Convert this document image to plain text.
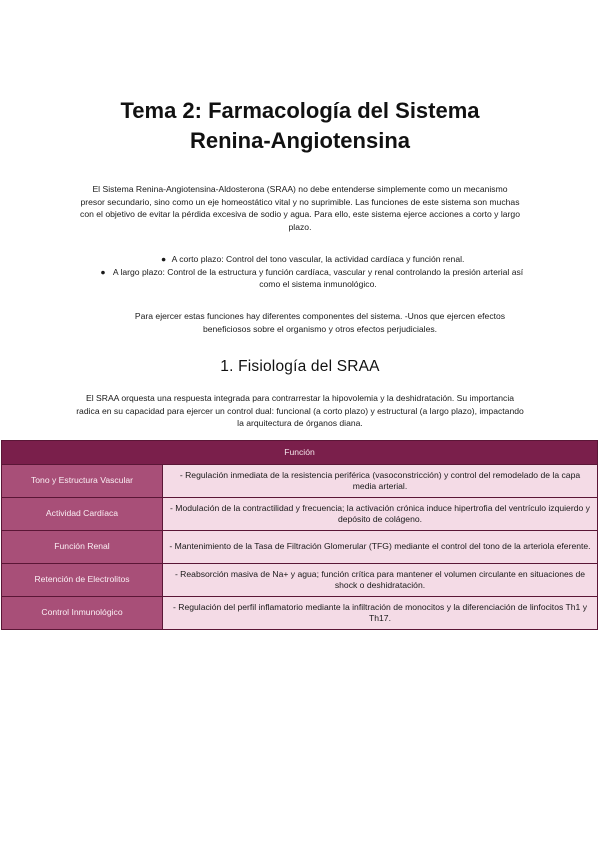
Tema 2: Farmacología del Sistema
Renina-Angiotensina
El Sistema Renina-Angiotensina-Aldosterona (SRAA) no debe entenderse simplemente como un mecanismo presor secundario, sino como un eje homeostático vital y no suprimible. Las funciones de este sistema son muchas con el objetivo de evitar la pérdida excesiva de sodio y agua. Para ello, este sistema ejerce acciones a corto y largo plazo.
● A corto plazo: Control del tono vascular, la actividad cardíaca y función renal.
● A largo plazo: Control de la estructura y función cardíaca, vascular y renal controlando la presión arterial así como el sistema inmunológico.
Para ejercer estas funciones hay diferentes componentes del sistema. -Unos que ejercen efectos beneficiosos sobre el organismo y otros efectos perjudiciales.
1. Fisiología del SRAA
El SRAA orquesta una respuesta integrada para contrarrestar la hipovolemia y la deshidratación. Su importancia radica en su capacidad para ejercer un control dual: funcional (a corto plazo) y estructural (a largo plazo), impactando la arquitectura de órganos diana.
Función	
Tono y Estructura Vascular	- Regulación inmediata de la resistencia periférica (vasoconstricción) y control del remodelado de la capa media arterial.
Actividad Cardíaca	- Modulación de la contractilidad y frecuencia; la activación crónica induce hipertrofia del ventrículo izquierdo y depósito de colágeno.
Función Renal	- Mantenimiento de la Tasa de Filtración Glomerular (TFG) mediante el control del tono de la arteriola eferente.
Retención de Electrolitos	- Reabsorción masiva de Na+ y agua; función crítica para mantener el volumen circulante en situaciones de shock o deshidratación.
Control Inmunológico	- Regulación del perfil inflamatorio mediante la infiltración de monocitos y la diferenciación de linfocitos Th1 y Th17.
